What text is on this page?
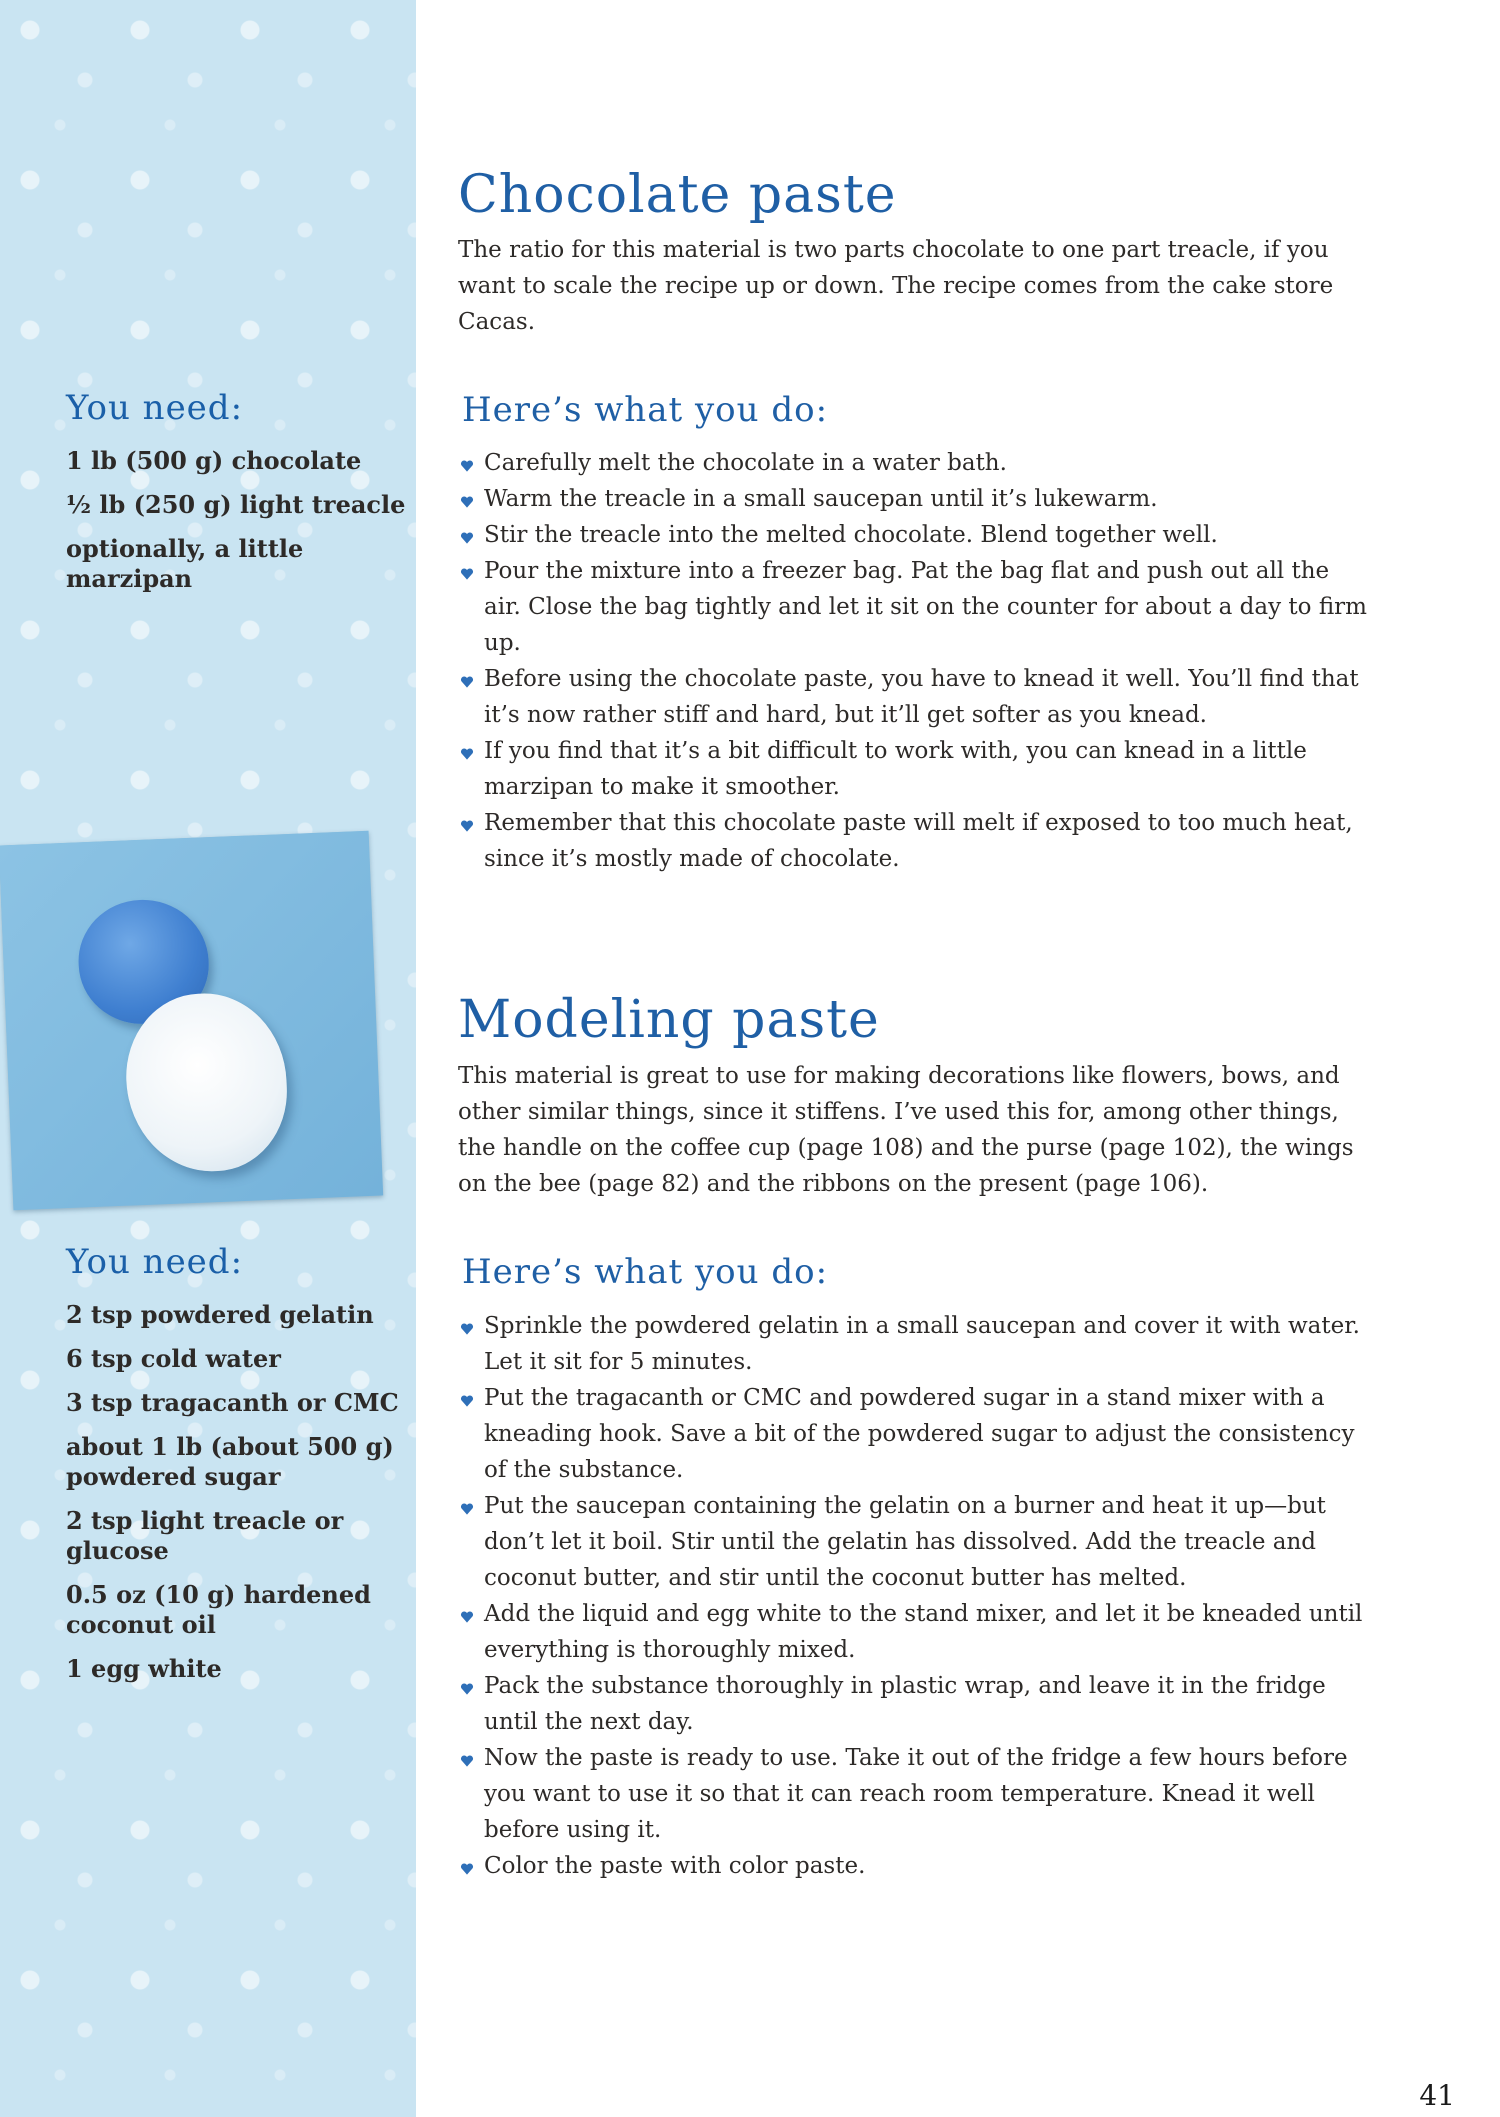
You need:
1 lb (500 g) chocolate
½ lb (250 g) light treacle
optionally, a little marzipan
You need:
2 tsp powdered gelatin
6 tsp cold water
3 tsp tragacanth or CMC
about 1 lb (about 500 g) powdered sugar
2 tsp light treacle or glucose
0.5 oz (10 g) hardened coconut oil
1 egg white
Chocolate paste

The ratio for this material is two parts chocolate to one part treacle, if you want to scale the recipe up or down. The recipe comes from the cake store Cacas.

Here’s what you do:
Carefully melt the chocolate in a water bath.
Warm the treacle in a small saucepan until it’s lukewarm.
Stir the treacle into the melted chocolate. Blend together well.
Pour the mixture into a freezer bag. Pat the bag flat and push out all the air. Close the bag tightly and let it sit on the counter for about a day to firm up.
Before using the chocolate paste, you have to knead it well. You’ll find that it’s now rather stiff and hard, but it’ll get softer as you knead.
If you find that it’s a bit difficult to work with, you can knead in a little marzipan to make it smoother.
Remember that this chocolate paste will melt if exposed to too much heat, since it’s mostly made of chocolate.
Modeling paste

This material is great to use for making decorations like flowers, bows, and other similar things, since it stiffens. I’ve used this for, among other things, the handle on the coffee cup (page 108) and the purse (page 102), the wings on the bee (page 82) and the ribbons on the present (page 106).

Here’s what you do:
Sprinkle the powdered gelatin in a small saucepan and cover it with water. Let it sit for 5 minutes.
Put the tragacanth or CMC and powdered sugar in a stand mixer with a kneading hook. Save a bit of the powdered sugar to adjust the consistency of the substance.
Put the saucepan containing the gelatin on a burner and heat it up—but don’t let it boil. Stir until the gelatin has dissolved. Add the treacle and coconut butter, and stir until the coconut butter has melted.
Add the liquid and egg white to the stand mixer, and let it be kneaded until everything is thoroughly mixed.
Pack the substance thoroughly in plastic wrap, and leave it in the fridge until the next day.
Now the paste is ready to use. Take it out of the fridge a few hours before you want to use it so that it can reach room temperature. Knead it well before using it.
Color the paste with color paste.

41
